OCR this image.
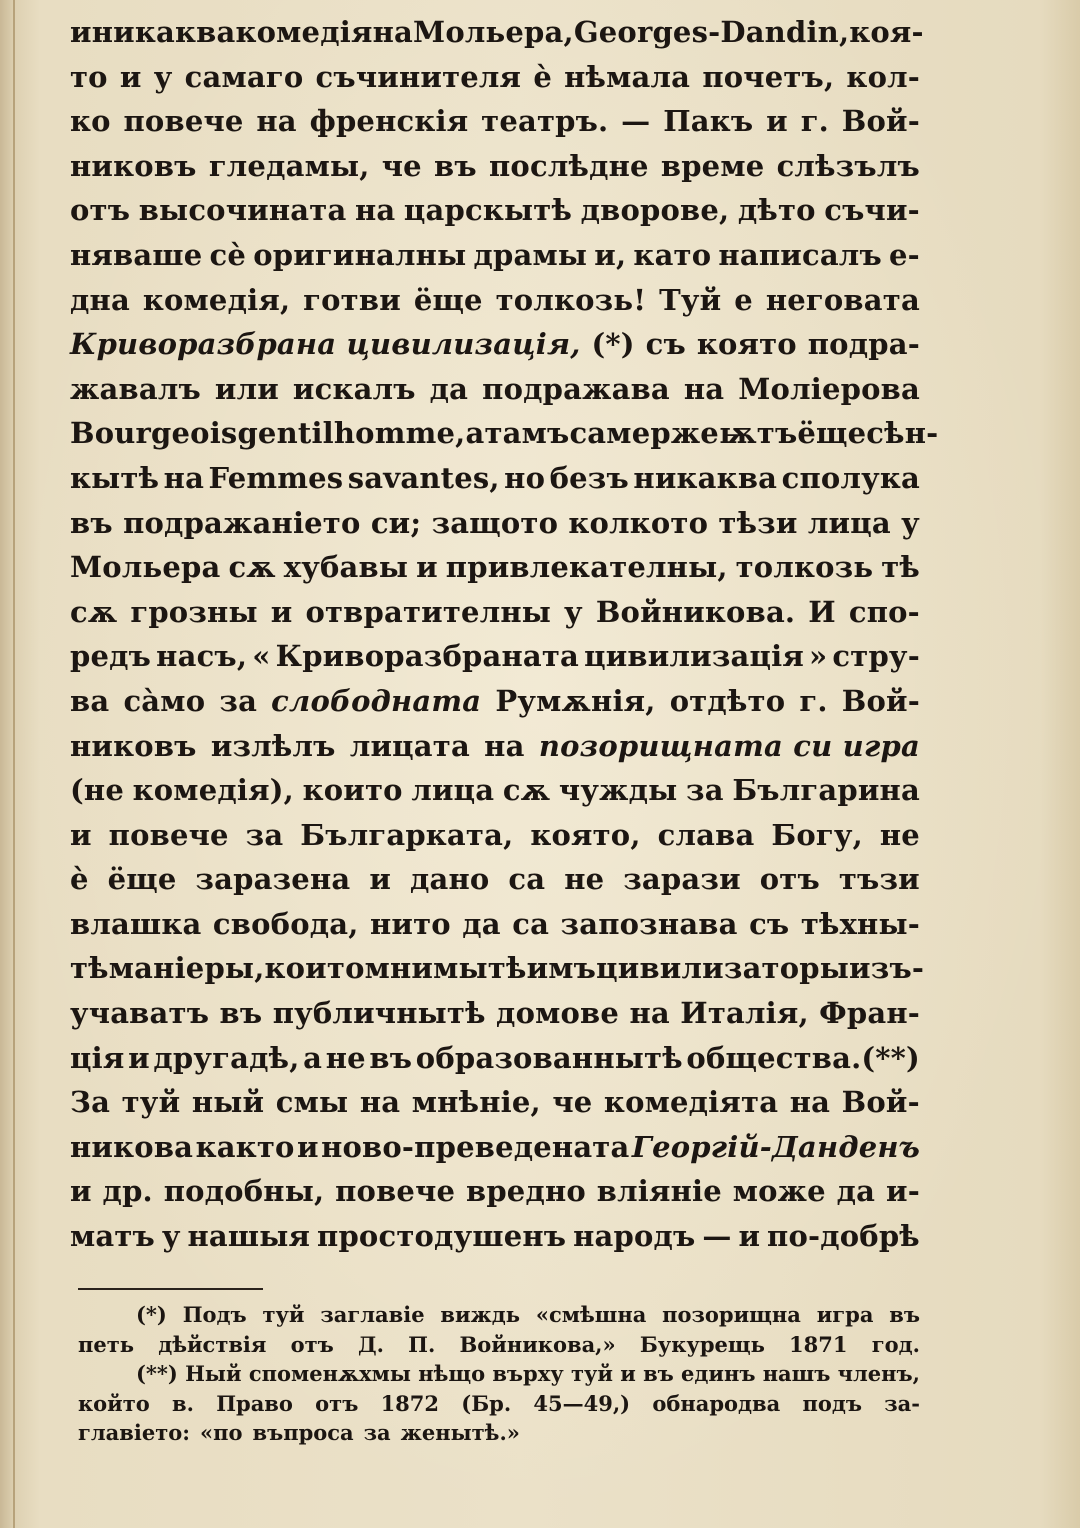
и никаква комедія на Мольера, Georges-Dandin, коя-
то и у самаго съчинителя è нѣмала почетъ, кол-
ко повече на френскія театръ. — Пакъ и г. Вой-
никовъ гледамы, че въ послѣдне време слѣзълъ
отъ высочината на царскытѣ дворове, дѣто съчи-
няваше сè оригиналны драмы и, като написалъ е-
дна комедія, готви ёще толкозь! Туй е неговата
Криворазбрана цивилизація, (*) съ която подра-
жавалъ или искалъ да подражава на Моліерова
Bourgeois gentilhomme, а тамъ са мержеѭтъ ёще сѣн-
кытѣ на Femmes savantes, но безъ никаква сполука
въ подражаніето си; защото колкото тѣзи лица у
Мольера сѫ хубавы и привлекателны, толкозь тѣ
сѫ грозны и отвратителны у Войникова. И спо-
редъ насъ, « Криворазбраната цивилизація » стру-
ва сàмо за слободната Румѫнія, отдѣто г. Вой-
никовъ излѣлъ лицата на позорищната си игра
(не комедія), които лица сѫ чужды за Българина
и повече за Българката, която, слава Богу, не
è ёще заразена и дано са не зарази отъ тъзи
влашка свобода, нито да са запознава съ тѣхны-
тѣ маніеры, които мнимытѣ имъ цивилизаторы изъ-
учаватъ въ публичнытѣ домове на Италія, Фран-
ція и другадѣ, а не въ образованнытѣ общества.(**)
За туй ный смы на мнѣніе, че комедіята на Вой-
никова както и ново-преведената Георгій-Данденъ
и др. подобны, повече вредно вліяніе може да и-
матъ у нашыя простодушенъ народъ — и по-добрѣ
(*) Подъ туй заглавіе виждь «смѣшна позорищна игра въ
петь дѣйствія отъ Д. П. Войникова,» Букурещь 1871 год.
(**) Ный споменѫхмы нѣщо върху туй и въ единъ нашъ членъ,
който в. Право отъ 1872 (Бр. 45—49,) обнародва подъ за-
главіето: «по въпроса за женытѣ.»
